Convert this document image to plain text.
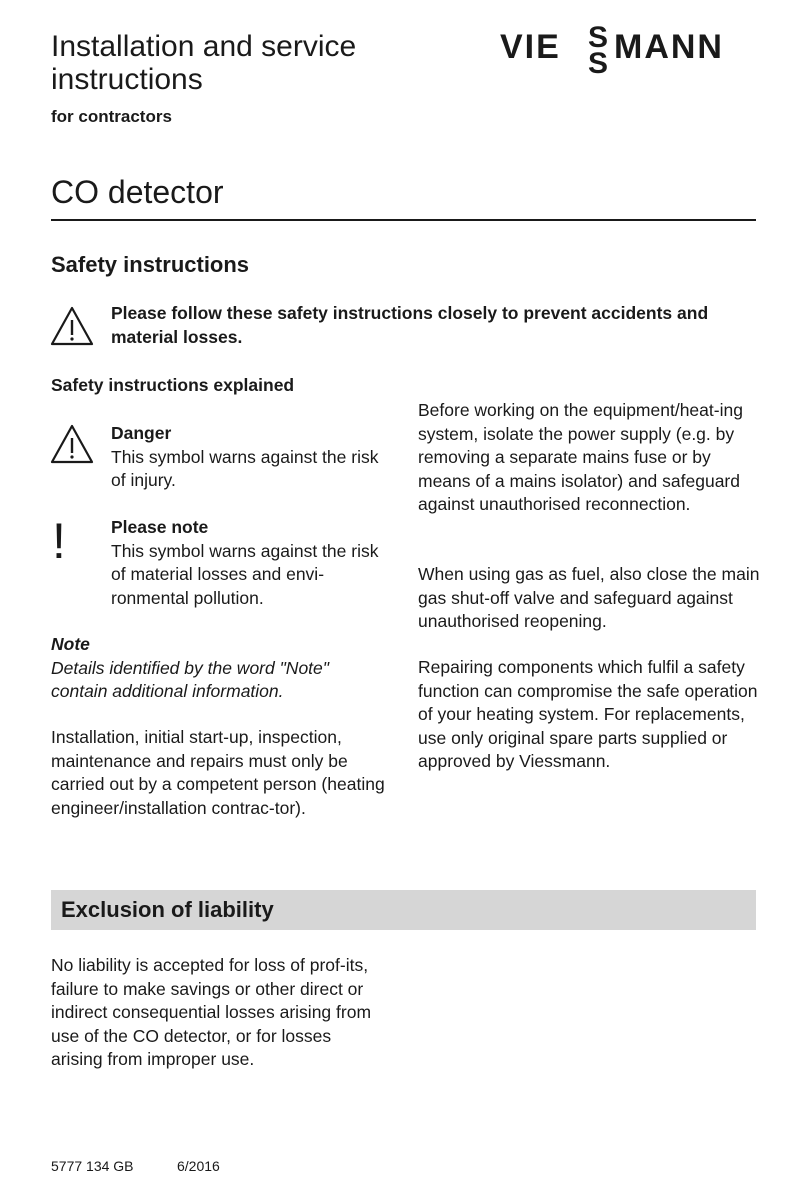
Installation and service
instructions
for contractors
VIE S
S MANN
CO detector
Safety instructions
Please follow these safety instructions closely to prevent accidents and material losses.
Safety instructions explained
Danger
This symbol warns against the risk of injury.
!	Please note
This symbol warns against the risk of material losses and envi-ronmental pollution.
Note
Details identified by the word "Note" contain additional information.
Installation, initial start-up, inspection, maintenance and repairs must only be carried out by a competent person (heating engineer/installation contrac-tor).
Before working on the equipment/heat-ing system, isolate the power supply (e.g. by removing a separate mains fuse or by means of a mains isolator) and safeguard against unauthorised reconnection.
When using gas as fuel, also close the main gas shut-off valve and safeguard against unauthorised reopening.
Repairing components which fulfil a safety function can compromise the safe operation of your heating system. For replacements, use only original spare parts supplied or approved by Viessmann.
Exclusion of liability
No liability is accepted for loss of prof-its, failure to make savings or other direct or indirect consequential losses arising from use of the CO detector, or for losses arising from improper use.
5777 134 GB	6/2016
